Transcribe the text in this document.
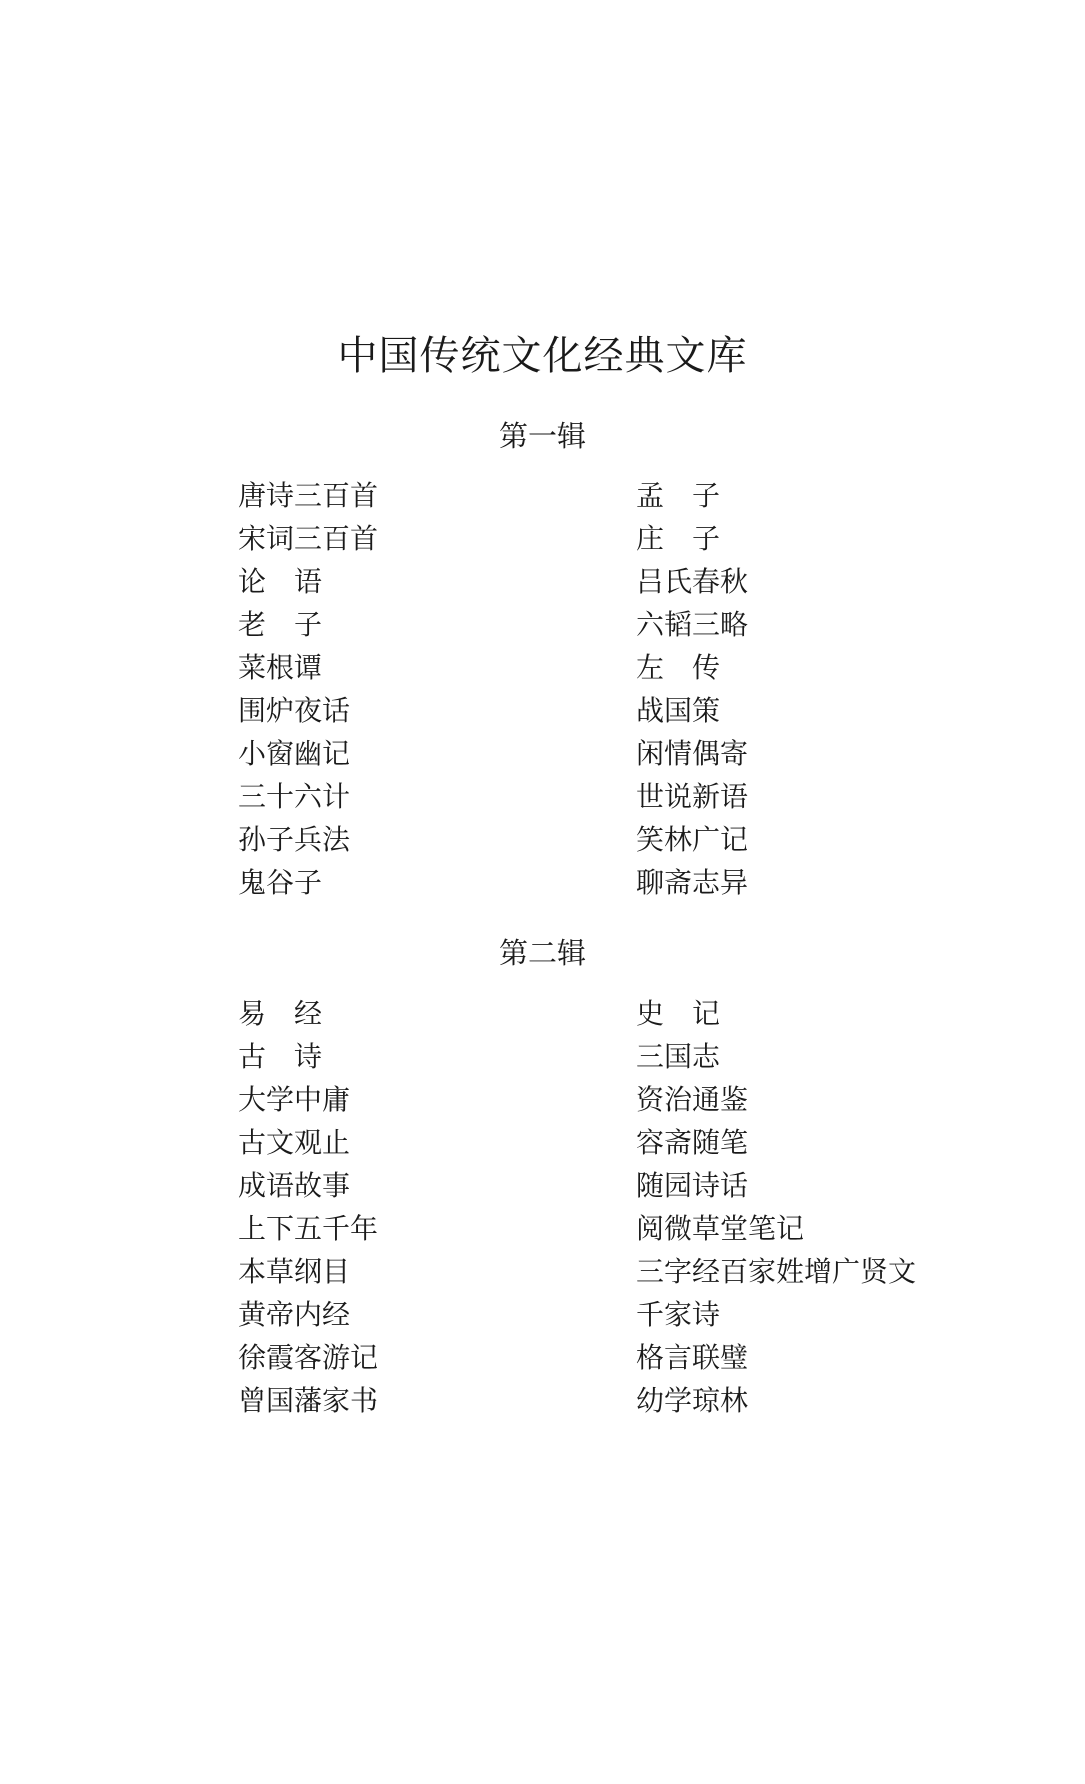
中国传统文化经典文库
第一辑
唐诗三百首	孟　子
宋词三百首	庄　子
论　语	吕氏春秋
老　子	六韬三略
菜根谭	左　传
围炉夜话	战国策
小窗幽记	闲情偶寄
三十六计	世说新语
孙子兵法	笑林广记
鬼谷子	聊斋志异
第二辑
易　经	史　记
古　诗	三国志
大学中庸	资治通鉴
古文观止	容斋随笔
成语故事	随园诗话
上下五千年	阅微草堂笔记
本草纲目	三字经百家姓增广贤文
黄帝内经	千家诗
徐霞客游记	格言联璧
曾国藩家书	幼学琼林
